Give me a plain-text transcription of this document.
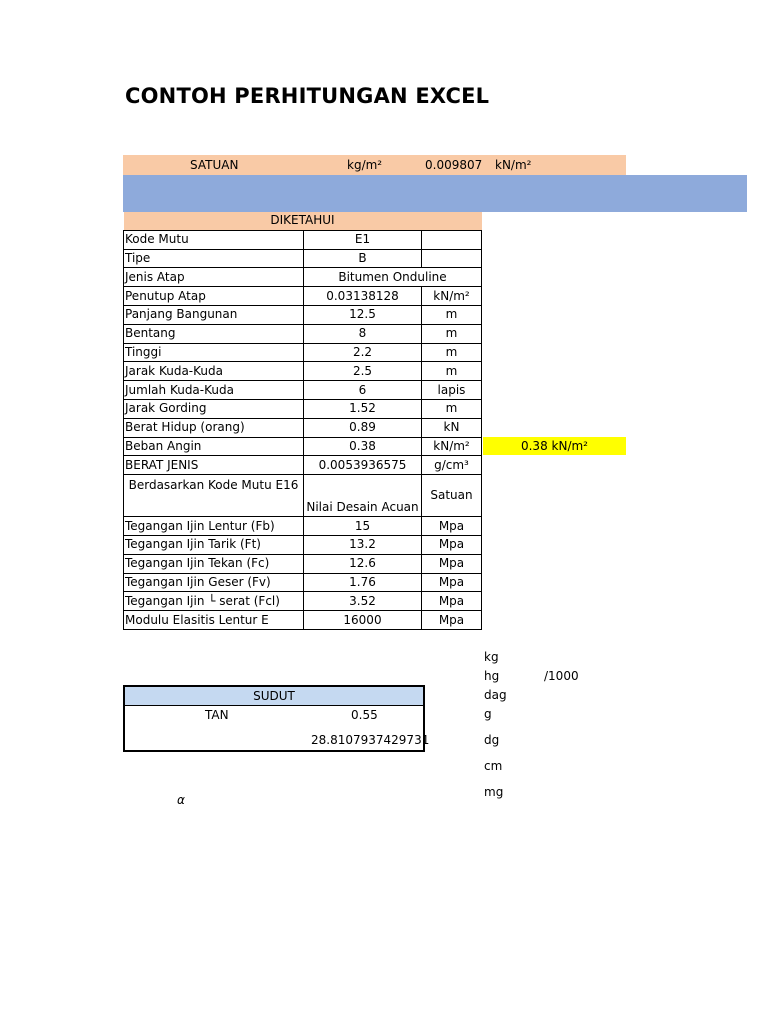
CONTOH PERHITUNGAN EXCEL
SATUAN	kg/m²	0.009807 kN/m²
DIKETAHUI		
Kode Mutu	E1	
Tipe	B	
Jenis Atap	Bitumen Onduline	
Penutup Atap	0.03138128	kN/m²
Panjang Bangunan	12.5	m
Bentang	8	m
Tinggi	2.2	m
Jarak Kuda-Kuda	2.5	m
Jumlah Kuda-Kuda	6	lapis
Jarak Gording	1.52	m
Berat Hidup (orang)	0.89	kN
Beban Angin	0.38	kN/m²
BERAT JENIS	0.0053936575	g/cm³
Berdasarkan Kode Mutu E16	Nilai Desain Acuan	Satuan
Tegangan Ijin Lentur (Fb)	15	Mpa
Tegangan Ijin Tarik (Ft)	13.2	Mpa
Tegangan Ijin Tekan (Fc)	12.6	Mpa
Tegangan Ijin Geser (Fv)	1.76	Mpa
Tegangan Ijin └ serat (Fcl)	3.52	Mpa
Modulu Elasitis Lentur E	16000	Mpa
0.38 kN/m²
kg
hg	/1000
dag
g
dg
cm
mg
SUDUT
TAN	0.55
28.8107937429731
α
